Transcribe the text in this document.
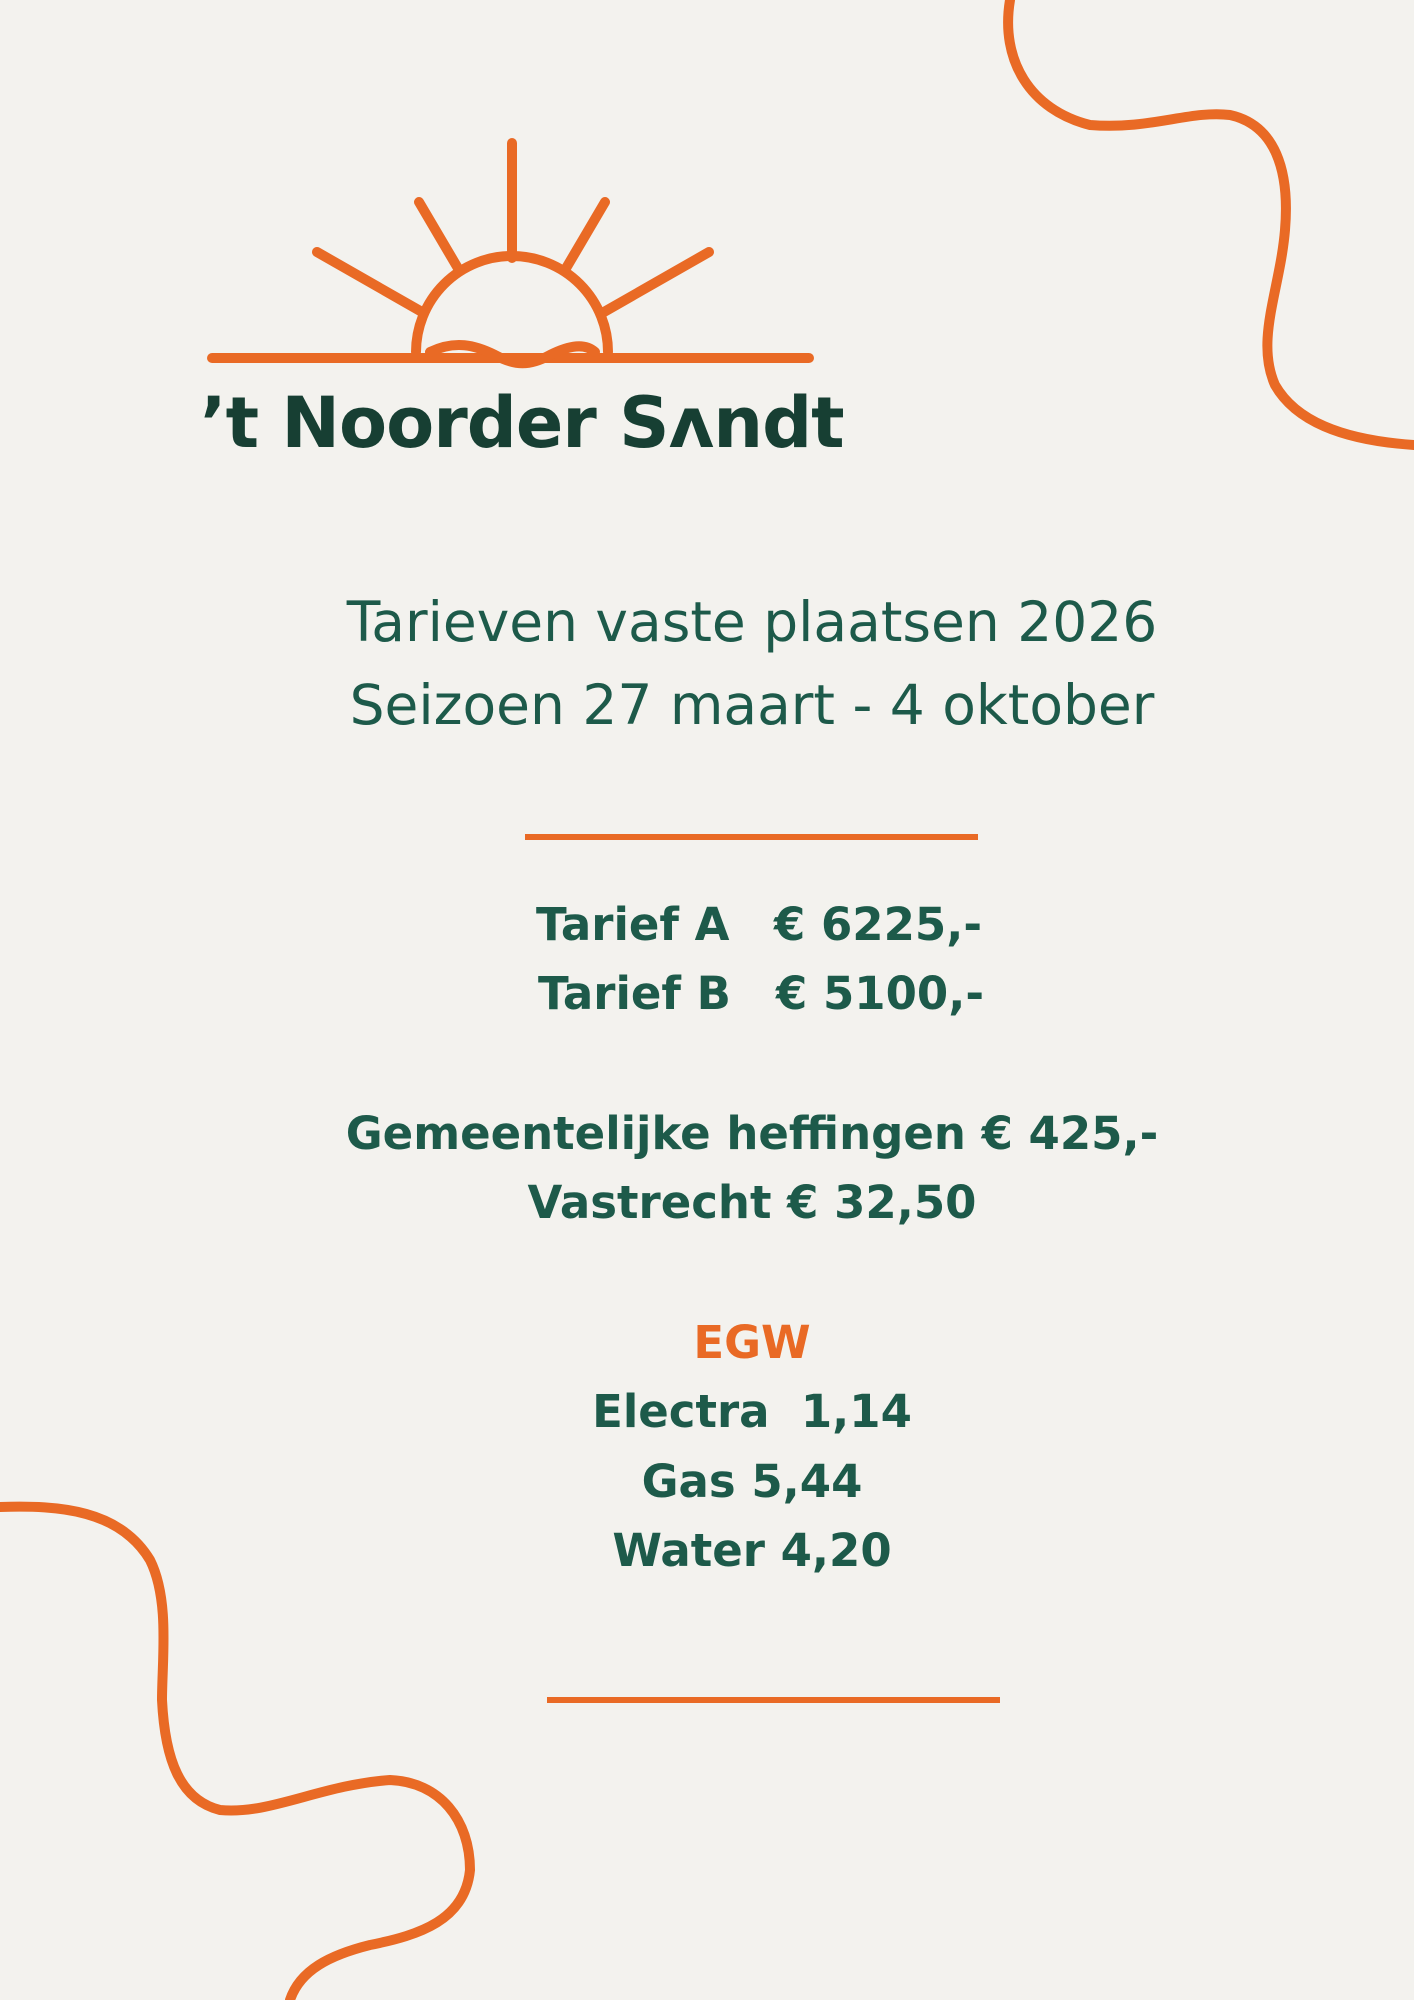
’t Noorder Sʌndt
Tarieven vaste plaatsen 2026
Seizoen 27 maart - 4 oktober
Tarief A € 6225,-
Tarief B € 5100,-
Gemeentelijke heffingen € 425,-
Vastrecht € 32,50
EGW
Electra  1,14
Gas 5,44
Water 4,20
